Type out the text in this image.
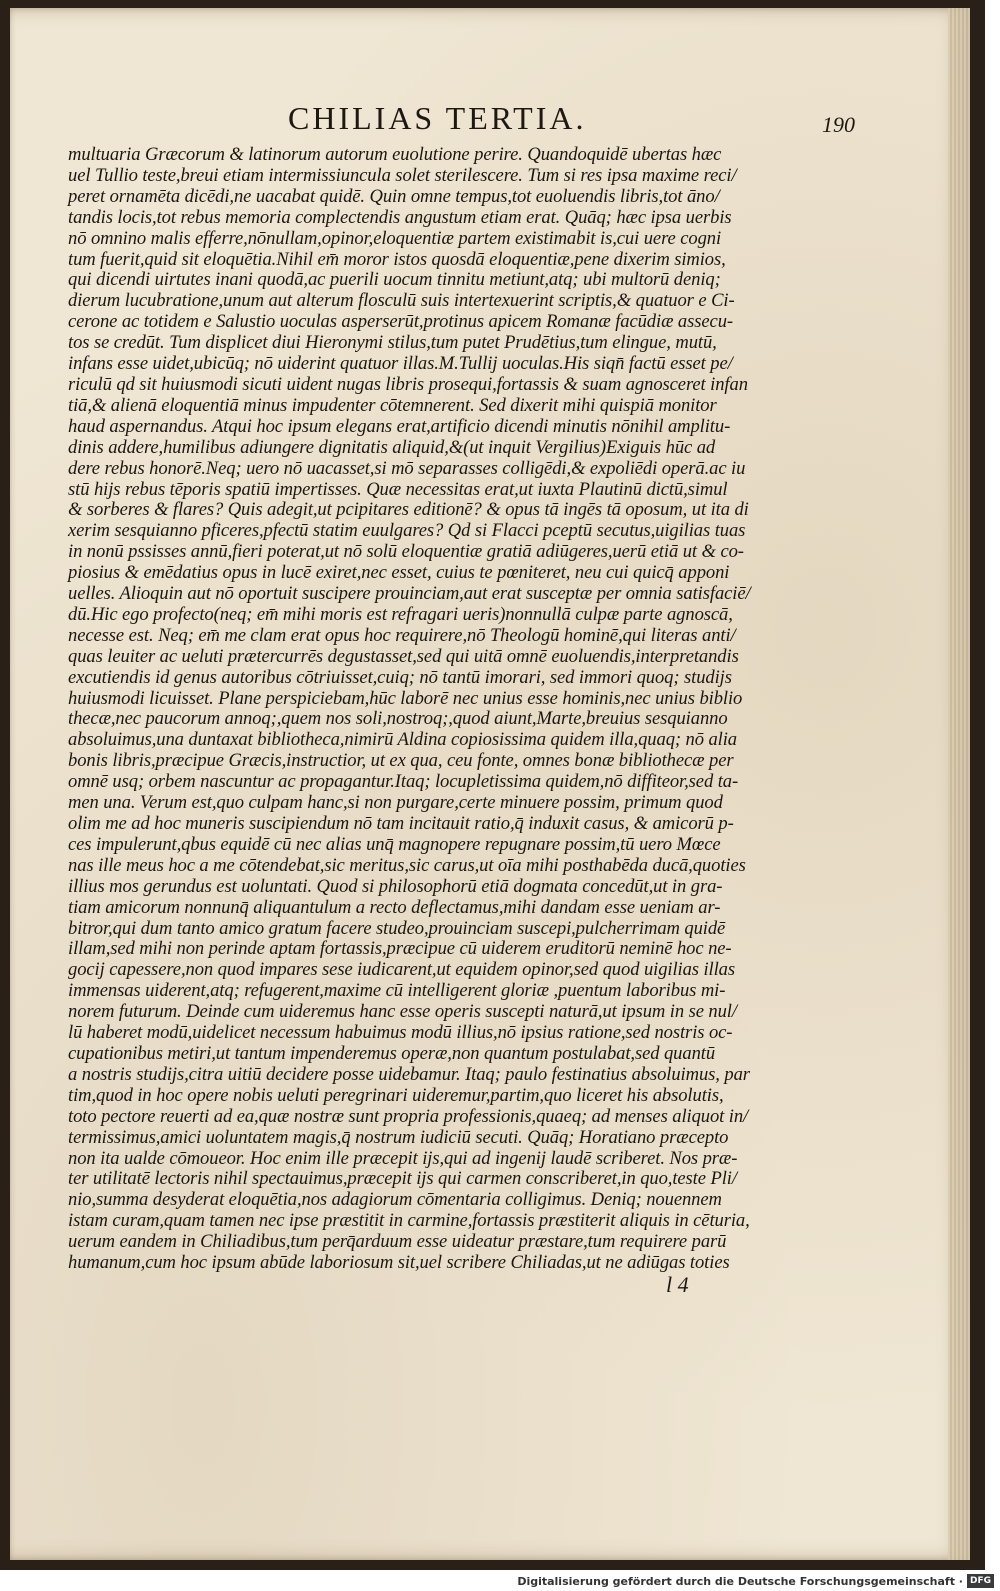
CHILIAS TERTIA.	190
multuaria Græcorum & latinorum autorum euolutione perire. Quandoquidē ubertas hæc
uel Tullio teste,breui etiam intermissiuncula solet sterilescere. Tum si res ipsa maxime reci/
peret ornamēta dicēdi,ne uacabat quidē. Quin omne tempus,tot euoluendis libris,tot āno/
tandis locis,tot rebus memoria complectendis angustum etiam erat. Quāq; hæc ipsa uerbis
nō omnino malis efferre,nōnullam,opinor,eloquentiæ partem existimabit is,cui uere cogni
tum fuerit,quid sit eloquētia.Nihil em̄ moror istos quosdā eloquentiæ,pene dixerim simios,
qui dicendi uirtutes inani quodā,ac puerili uocum tinnitu metiunt,atq; ubi multorū deniq;
dierum lucubratione,unum aut alterum flosculū suis intertexuerint scriptis,& quatuor e Ci-
cerone ac totidem e Salustio uoculas asperserūt,protinus apicem Romanæ facūdiæ assecu-
tos se credūt. Tum displicet diui Hieronymi stilus,tum putet Prudētius,tum elingue, mutū,
infans esse uidet,ubicūq; nō uiderint quatuor illas.M.Tullij uoculas.His siqn̄ factū esset pe/
riculū qd sit huiusmodi sicuti uident nugas libris prosequi,fortassis & suam agnosceret infan
tiā,& alienā eloquentiā minus impudenter cōtemnerent. Sed dixerit mihi quispiā monitor
haud aspernandus. Atqui hoc ipsum elegans erat,artificio dicendi minutis nōnihil amplitu-
dinis addere,humilibus adiungere dignitatis aliquid,&(ut inquit Vergilius)Exiguis hūc ad
dere rebus honorē.Neq; uero nō uacasset,si mō separasses colligēdi,& expoliēdi operā.ac iu
stū hijs rebus tēporis spatiū impertisses. Quæ necessitas erat,ut iuxta Plautinū dictū,simul
& sorberes & flares? Quis adegit,ut pcipitares editionē? & opus tā ingēs tā oposum, ut ita di
xerim sesquianno pficeres,pfectū statim euulgares? Qd si Flacci pceptū secutus,uigilias tuas
in nonū pssisses annū,fieri poterat,ut nō solū eloquentiæ gratiā adiūgeres,uerū etiā ut & co-
piosius & emēdatius opus in lucē exiret,nec esset, cuius te pœniteret, neu cui quicq̄ apponi
uelles. Alioquin aut nō oportuit suscipere prouinciam,aut erat susceptæ per omnia satisfaciē/
dū.Hic ego profecto(neq; em̄ mihi moris est refragari ueris)nonnullā culpæ parte agnoscā,
necesse est. Neq; em̄ me clam erat opus hoc requirere,nō Theologū hominē,qui literas anti/
quas leuiter ac ueluti prætercurrēs degustasset,sed qui uitā omnē euoluendis,interpretandis
excutiendis id genus autoribus cōtriuisset,cuiq; nō tantū imorari, sed immori quoq; studijs
huiusmodi licuisset. Plane perspiciebam,hūc laborē nec unius esse hominis,nec unius biblio
thecæ,nec paucorum annoq;,quem nos soli,nostroq;,quod aiunt,Marte,breuius sesquianno
absoluimus,una duntaxat bibliotheca,nimirū Aldina copiosissima quidem illa,quaq; nō alia
bonis libris,præcipue Græcis,instructior, ut ex qua, ceu fonte, omnes bonæ bibliothecæ per
omnē usq; orbem nascuntur ac propagantur.Itaq; locupletissima quidem,nō diffiteor,sed ta-
men una. Verum est,quo culpam hanc,si non purgare,certe minuere possim, primum quod
olim me ad hoc muneris suscipiendum nō tam incitauit ratio,q̄ induxit casus, & amicorū p-
ces impulerunt,qbus equidē cū nec alias unq̄ magnopere repugnare possim,tū uero Mœce
nas ille meus hoc a me cōtendebat,sic meritus,sic carus,ut oīa mihi posthabēda ducā,quoties
illius mos gerundus est uoluntati. Quod si philosophorū etiā dogmata concedūt,ut in gra-
tiam amicorum nonnunq̄ aliquantulum a recto deflectamus,mihi dandam esse ueniam ar-
bitror,qui dum tanto amico gratum facere studeo,prouinciam suscepi,pulcherrimam quidē
illam,sed mihi non perinde aptam fortassis,præcipue cū uiderem eruditorū neminē hoc ne-
gocij capessere,non quod impares sese iudicarent,ut equidem opinor,sed quod uigilias illas
immensas uiderent,atq; refugerent,maxime cū intelligerent gloriæ ,puentum laboribus mi-
norem futurum. Deinde cum uideremus hanc esse operis suscepti naturā,ut ipsum in se nul/
lū haberet modū,uidelicet necessum habuimus modū illius,nō ipsius ratione,sed nostris oc-
cupationibus metiri,ut tantum impenderemus operæ,non quantum postulabat,sed quantū
a nostris studijs,citra uitiū decidere posse uidebamur. Itaq; paulo festinatius absoluimus, par
tim,quod in hoc opere nobis ueluti peregrinari uideremur,partim,quo liceret his absolutis,
toto pectore reuerti ad ea,quæ nostræ sunt propria professionis,quaeq; ad menses aliquot in/
termissimus,amici uoluntatem magis,q̄ nostrum iudiciū secuti. Quāq; Horatiano præcepto
non ita ualde cōmoueor. Hoc enim ille præcepit ijs,qui ad ingenij laudē scriberet. Nos præ-
ter utilitatē lectoris nihil spectauimus,præcepit ijs qui carmen conscriberet,in quo,teste Pli/
nio,summa desyderat eloquētia,nos adagiorum cōmentaria colligimus. Deniq; nouennem
istam curam,quam tamen nec ipse præstitit in carmine,fortassis præstiterit aliquis in cēturia,
uerum eandem in Chiliadibus,tum perq̄arduum esse uideatur præstare,tum requirere parū
humanum,cum hoc ipsum abūde laboriosum sit,uel scribere Chiliadas,ut ne adiūgas toties
l 4
Digitalisierung gefördert durch die Deutsche Forschungsgemeinschaft · DFG
